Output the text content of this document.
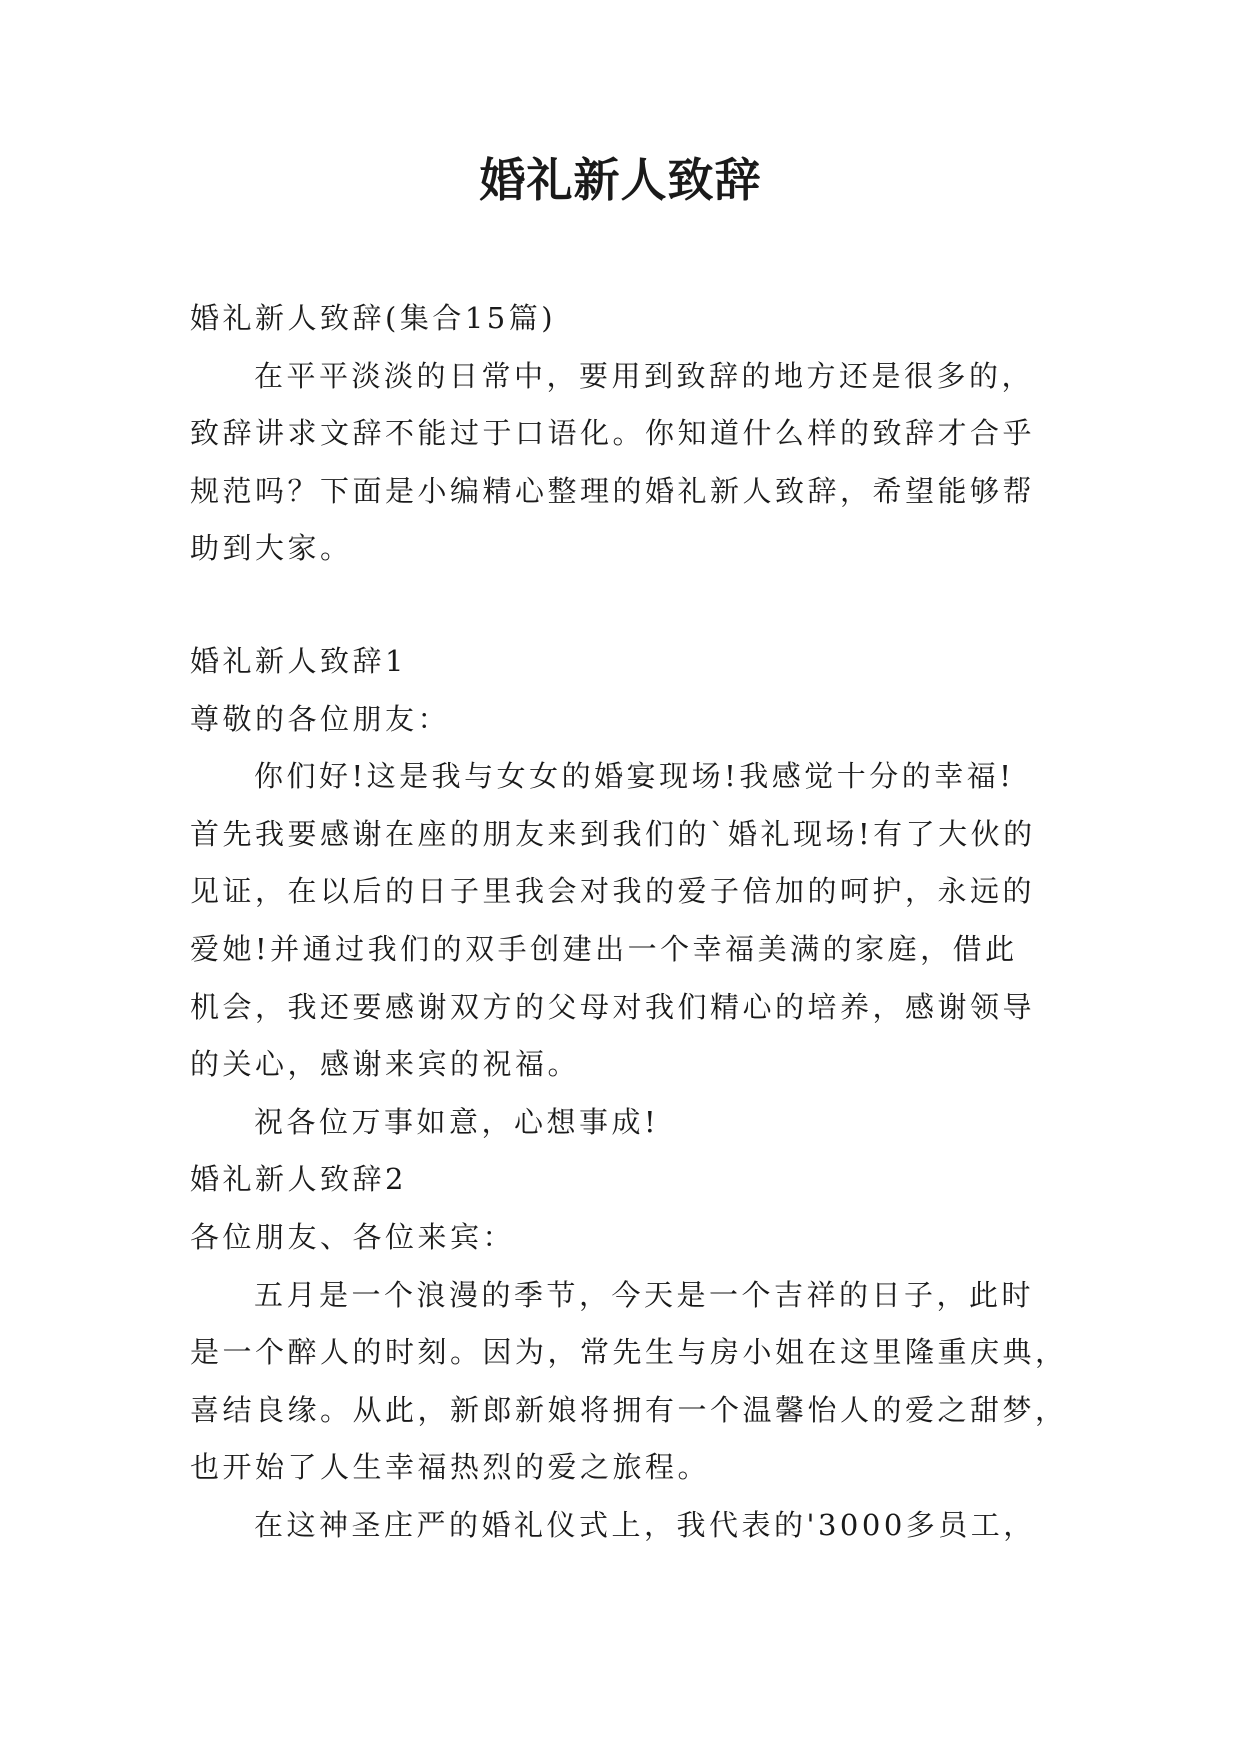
婚礼新人致辞

婚礼新人致辞(集合15篇)

在平平淡淡的日常中，要用到致辞的地方还是很多的，

致辞讲求文辞不能过于口语化。你知道什么样的致辞才合乎

规范吗？下面是小编精心整理的婚礼新人致辞，希望能够帮

助到大家。

婚礼新人致辞1

尊敬的各位朋友：

你们好!这是我与女女的婚宴现场!我感觉十分的幸福!

首先我要感谢在座的朋友来到我们的`婚礼现场!有了大伙的

见证，在以后的日子里我会对我的爱子倍加的呵护，永远的

爱她!并通过我们的双手创建出一个幸福美满的家庭，借此

机会，我还要感谢双方的父母对我们精心的培养，感谢领导

的关心，感谢来宾的祝福。

祝各位万事如意，心想事成!

婚礼新人致辞2

各位朋友、各位来宾：

五月是一个浪漫的季节，今天是一个吉祥的日子，此时

是一个醉人的时刻。因为，常先生与房小姐在这里隆重庆典，

喜结良缘。从此，新郎新娘将拥有一个温馨怡人的爱之甜梦，

也开始了人生幸福热烈的爱之旅程。

在这神圣庄严的婚礼仪式上，我代表的'3000多员工，
